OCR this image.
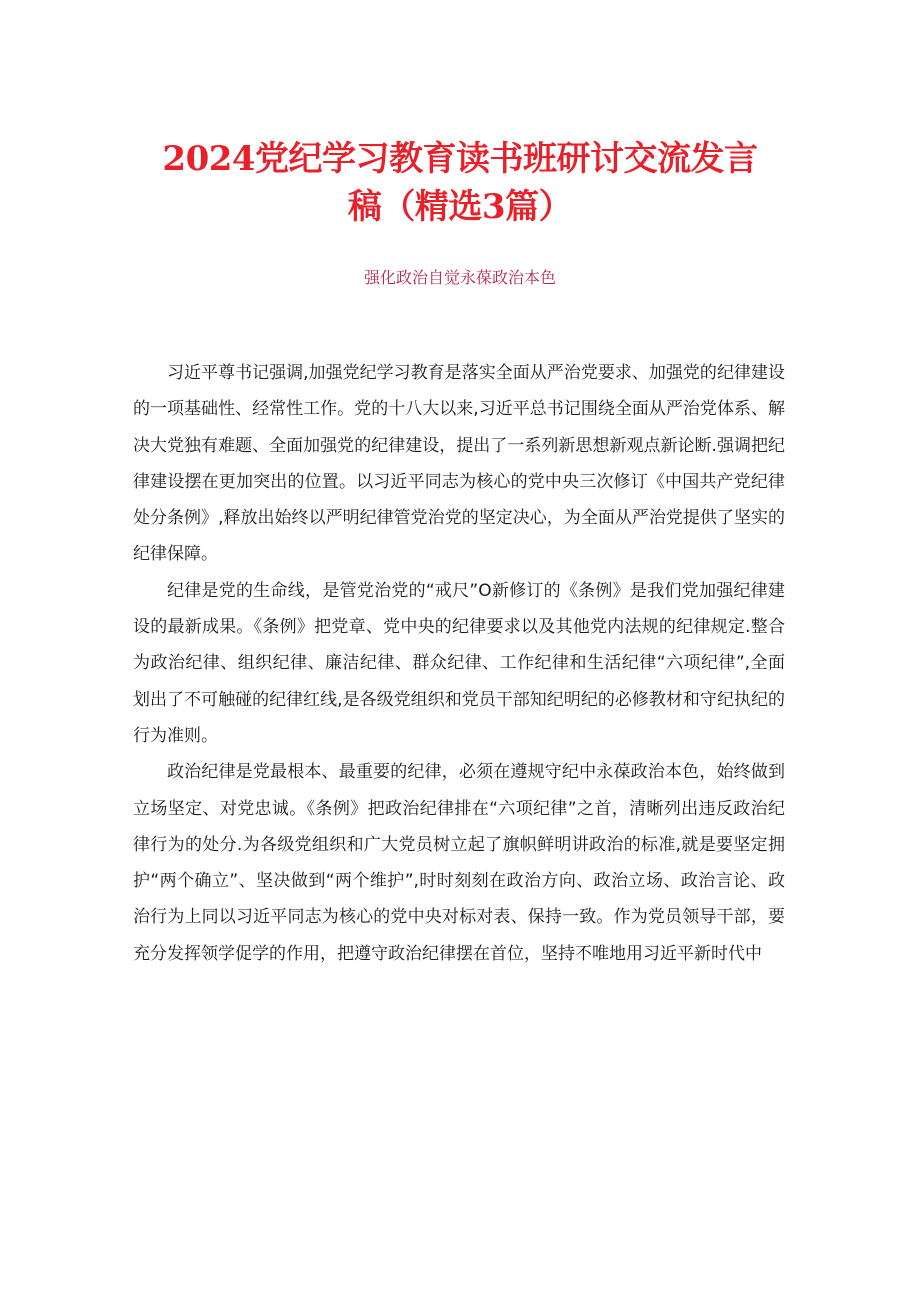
2024党纪学习教育读书班研讨交流发言
稿（精选3篇）
强化政治自觉永葆政治本色

习近平尊书记强调,加强党纪学习教育是落实全面从严治党要求、加强党的纪律建设的一项基础性、经常性工作。党的十八大以来,习近平总书记围绕全面从严治党体系、解决大党独有难题、全面加强党的纪律建设，提出了一系列新思想新观点新论断.强调把纪律建设摆在更加突出的位置。以习近平同志为核心的党中央三次修订《中国共产党纪律处分条例》,释放出始终以严明纪律管党治党的坚定决心，为全面从严治党提供了坚实的纪律保障。

纪律是党的生命线，是管党治党的“戒尺”O新修订的《条例》是我们党加强纪律建设的最新成果。《条例》把党章、党中央的纪律要求以及其他党内法规的纪律规定.整合为政治纪律、组织纪律、廉洁纪律、群众纪律、工作纪律和生活纪律“六项纪律”,全面划出了不可触碰的纪律红线,是各级党组织和党员干部知纪明纪的必修教材和守纪执纪的行为准则。

政治纪律是党最根本、最重要的纪律，必须在遵规守纪中永葆政治本色，始终做到立场坚定、对党忠诚。《条例》把政治纪律排在“六项纪律”之首，清晰列出违反政治纪律行为的处分.为各级党组织和广大党员树立起了旗帜鲜明讲政治的标准,就是要坚定拥护“两个确立”、坚决做到“两个维护”,时时刻刻在政治方向、政治立场、政治言论、政治行为上同以习近平同志为核心的党中央对标对表、保持一致。作为党员领导干部，要充分发挥领学促学的作用，把遵守政治纪律摆在首位，坚持不唯地用习近平新时代中
